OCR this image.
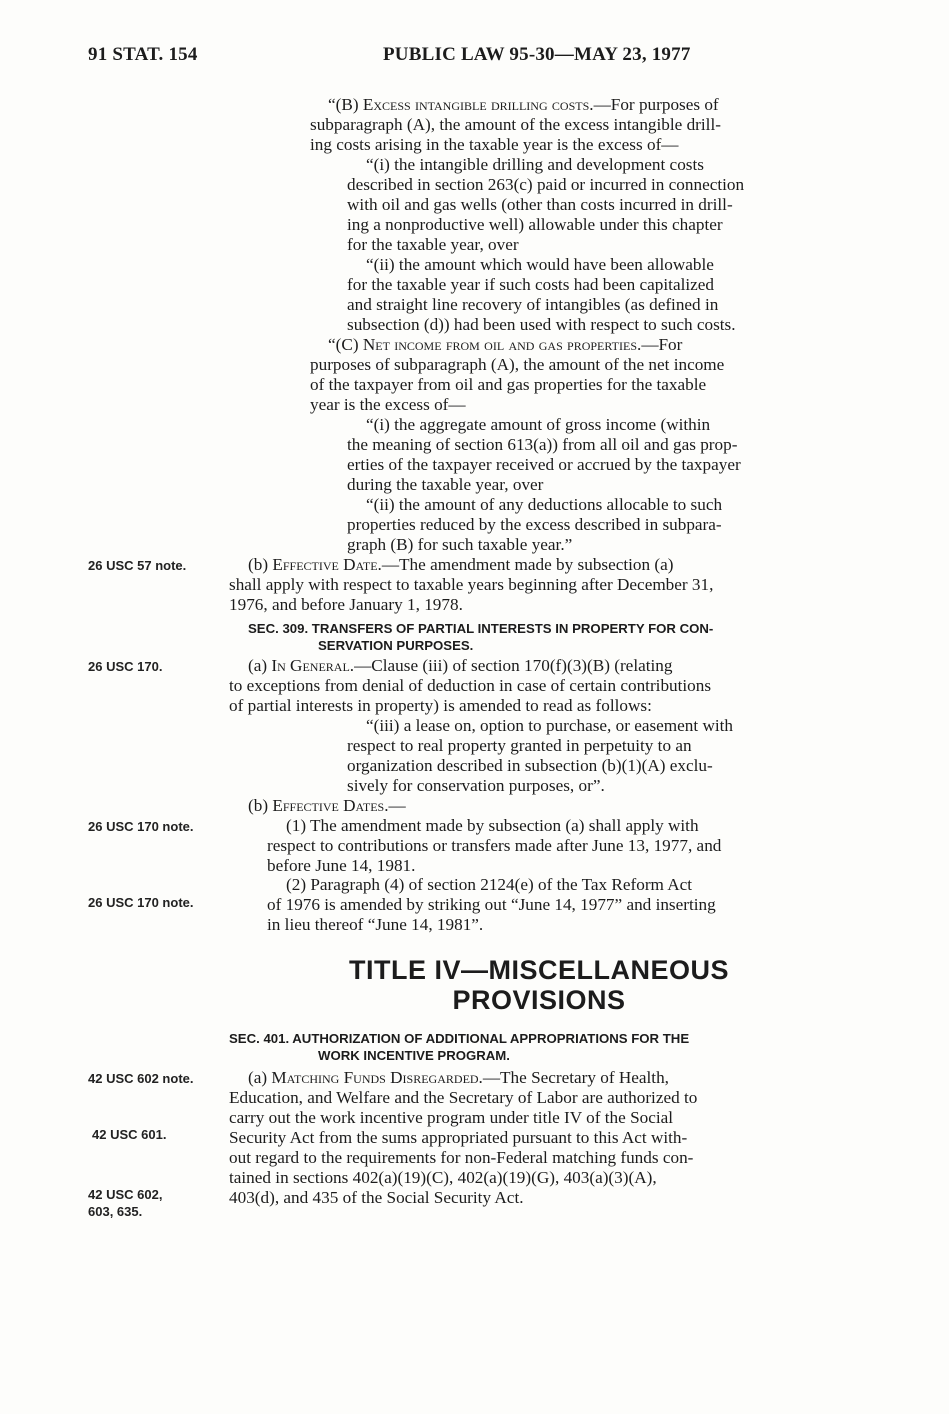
91 STAT. 154	PUBLIC LAW 95-30—MAY 23, 1977
“(B) Excess intangible drilling costs.—For purposes of
subparagraph (A), the amount of the excess intangible drill-
ing costs arising in the taxable year is the excess of—
“(i) the intangible drilling and development costs
described in section 263(c) paid or incurred in connection
with oil and gas wells (other than costs incurred in drill-
ing a nonproductive well) allowable under this chapter
for the taxable year, over
“(ii) the amount which would have been allowable
for the taxable year if such costs had been capitalized
and straight line recovery of intangibles (as defined in
subsection (d)) had been used with respect to such costs.
“(C) Net income from oil and gas properties.—For
purposes of subparagraph (A), the amount of the net income
of the taxpayer from oil and gas properties for the taxable
year is the excess of—
“(i) the aggregate amount of gross income (within
the meaning of section 613(a)) from all oil and gas prop-
erties of the taxpayer received or accrued by the taxpayer
during the taxable year, over
“(ii) the amount of any deductions allocable to such
properties reduced by the excess described in subpara-
graph (B) for such taxable year.”
26 USC 57 note.	(b) Effective Date.—The amendment made by subsection (a)
shall apply with respect to taxable years beginning after December 31,
1976, and before January 1, 1978.
SEC. 309. TRANSFERS OF PARTIAL INTERESTS IN PROPERTY FOR CON-
SERVATION PURPOSES.
26 USC 170.	(a) In General.—Clause (iii) of section 170(f)(3)(B) (relating
to exceptions from denial of deduction in case of certain contributions
of partial interests in property) is amended to read as follows:
“(iii) a lease on, option to purchase, or easement with
respect to real property granted in perpetuity to an
organization described in subsection (b)(1)(A) exclu-
sively for conservation purposes, or”.
(b) Effective Dates.—
26 USC 170 note.	(1) The amendment made by subsection (a) shall apply with
respect to contributions or transfers made after June 13, 1977, and
before June 14, 1981.
26 USC 170 note.
(2) Paragraph (4) of section 2124(e) of the Tax Reform Act
of 1976 is amended by striking out “June 14, 1977” and inserting
in lieu thereof “June 14, 1981”.
TITLE IV—MISCELLANEOUS
PROVISIONS
SEC. 401. AUTHORIZATION OF ADDITIONAL APPROPRIATIONS FOR THE
WORK INCENTIVE PROGRAM.
42 USC 602 note.	(a) Matching Funds Disregarded.—The Secretary of Health,
Education, and Welfare and the Secretary of Labor are authorized to
carry out the work incentive program under title IV of the Social
42 USC 601.	Security Act from the sums appropriated pursuant to this Act with-
out regard to the requirements for non-Federal matching funds con-
tained in sections 402(a)(19)(C), 402(a)(19)(G), 403(a)(3)(A),
42 USC 602,
603, 635.
403(d), and 435 of the Social Security Act.
